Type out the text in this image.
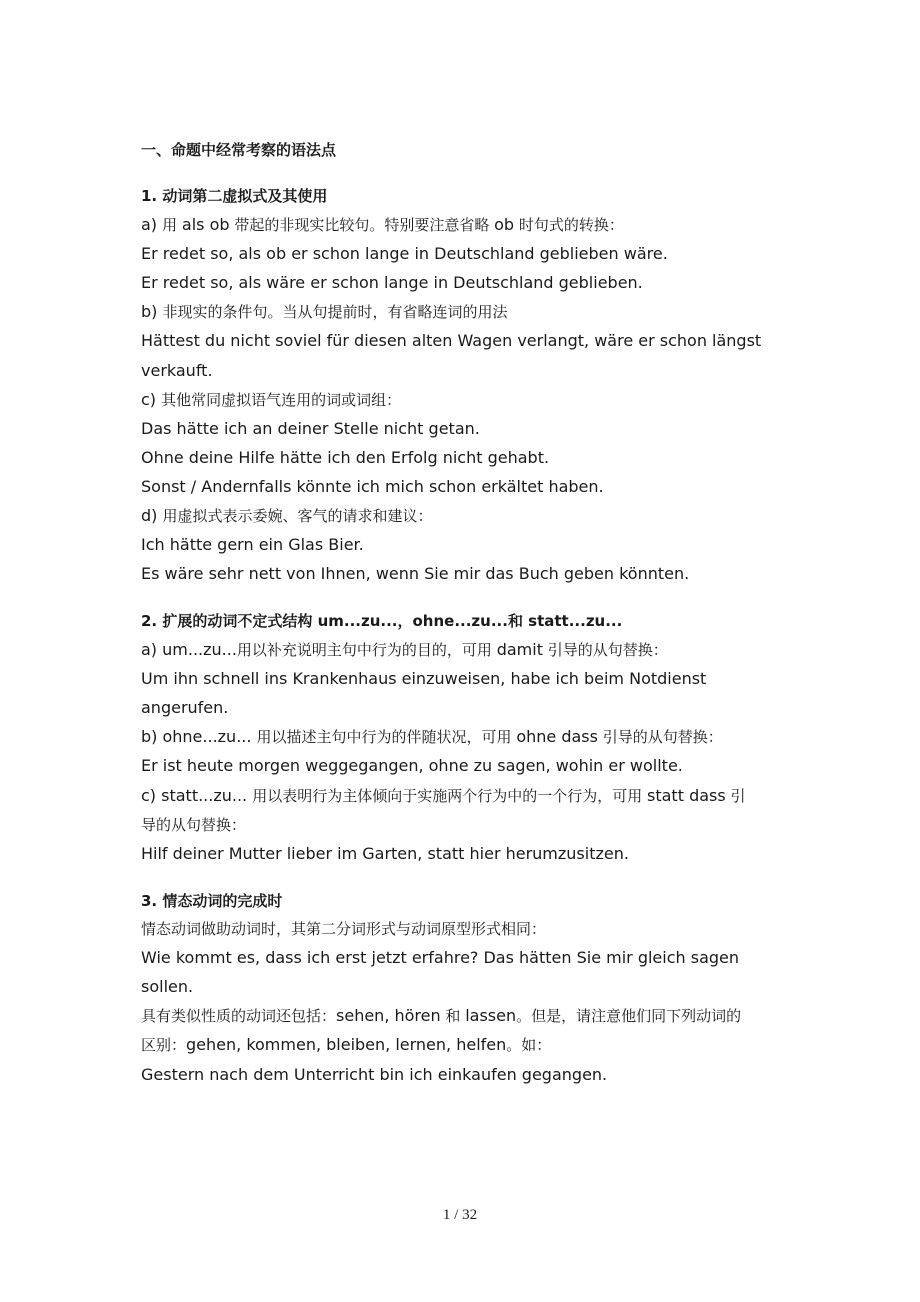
一、命题中经常考察的语法点
1. 动词第二虚拟式及其使用
a) 用 als ob 带起的非现实比较句。特别要注意省略 ob 时句式的转换：
Er redet so, als ob er schon lange in Deutschland geblieben wäre.
Er redet so, als wäre er schon lange in Deutschland geblieben.
b) 非现实的条件句。当从句提前时，有省略连词的用法
Hättest du nicht soviel für diesen alten Wagen verlangt, wäre er schon längst
verkauft.
c) 其他常同虚拟语气连用的词或词组：
Das hätte ich an deiner Stelle nicht getan.
Ohne deine Hilfe hätte ich den Erfolg nicht gehabt.
Sonst / Andernfalls könnte ich mich schon erkältet haben.
d) 用虚拟式表示委婉、客气的请求和建议：
Ich hätte gern ein Glas Bier.
Es wäre sehr nett von Ihnen, wenn Sie mir das Buch geben könnten.
2. 扩展的动词不定式结构 um...zu...，ohne...zu...和 statt...zu...
a) um...zu...用以补充说明主句中行为的目的，可用 damit 引导的从句替换：
Um ihn schnell ins Krankenhaus einzuweisen, habe ich beim Notdienst
angerufen.
b) ohne...zu... 用以描述主句中行为的伴随状况，可用 ohne dass 引导的从句替换：
Er ist heute morgen weggegangen, ohne zu sagen, wohin er wollte.
c) statt...zu... 用以表明行为主体倾向于实施两个行为中的一个行为，可用 statt dass 引
导的从句替换：
Hilf deiner Mutter lieber im Garten, statt hier herumzusitzen.
3. 情态动词的完成时
情态动词做助动词时，其第二分词形式与动词原型形式相同：
Wie kommt es, dass ich erst jetzt erfahre? Das hätten Sie mir gleich sagen
sollen.
具有类似性质的动词还包括：sehen, hören 和 lassen。但是，请注意他们同下列动词的
区别：gehen, kommen, bleiben, lernen, helfen。如：
Gestern nach dem Unterricht bin ich einkaufen gegangen.
1 / 32
